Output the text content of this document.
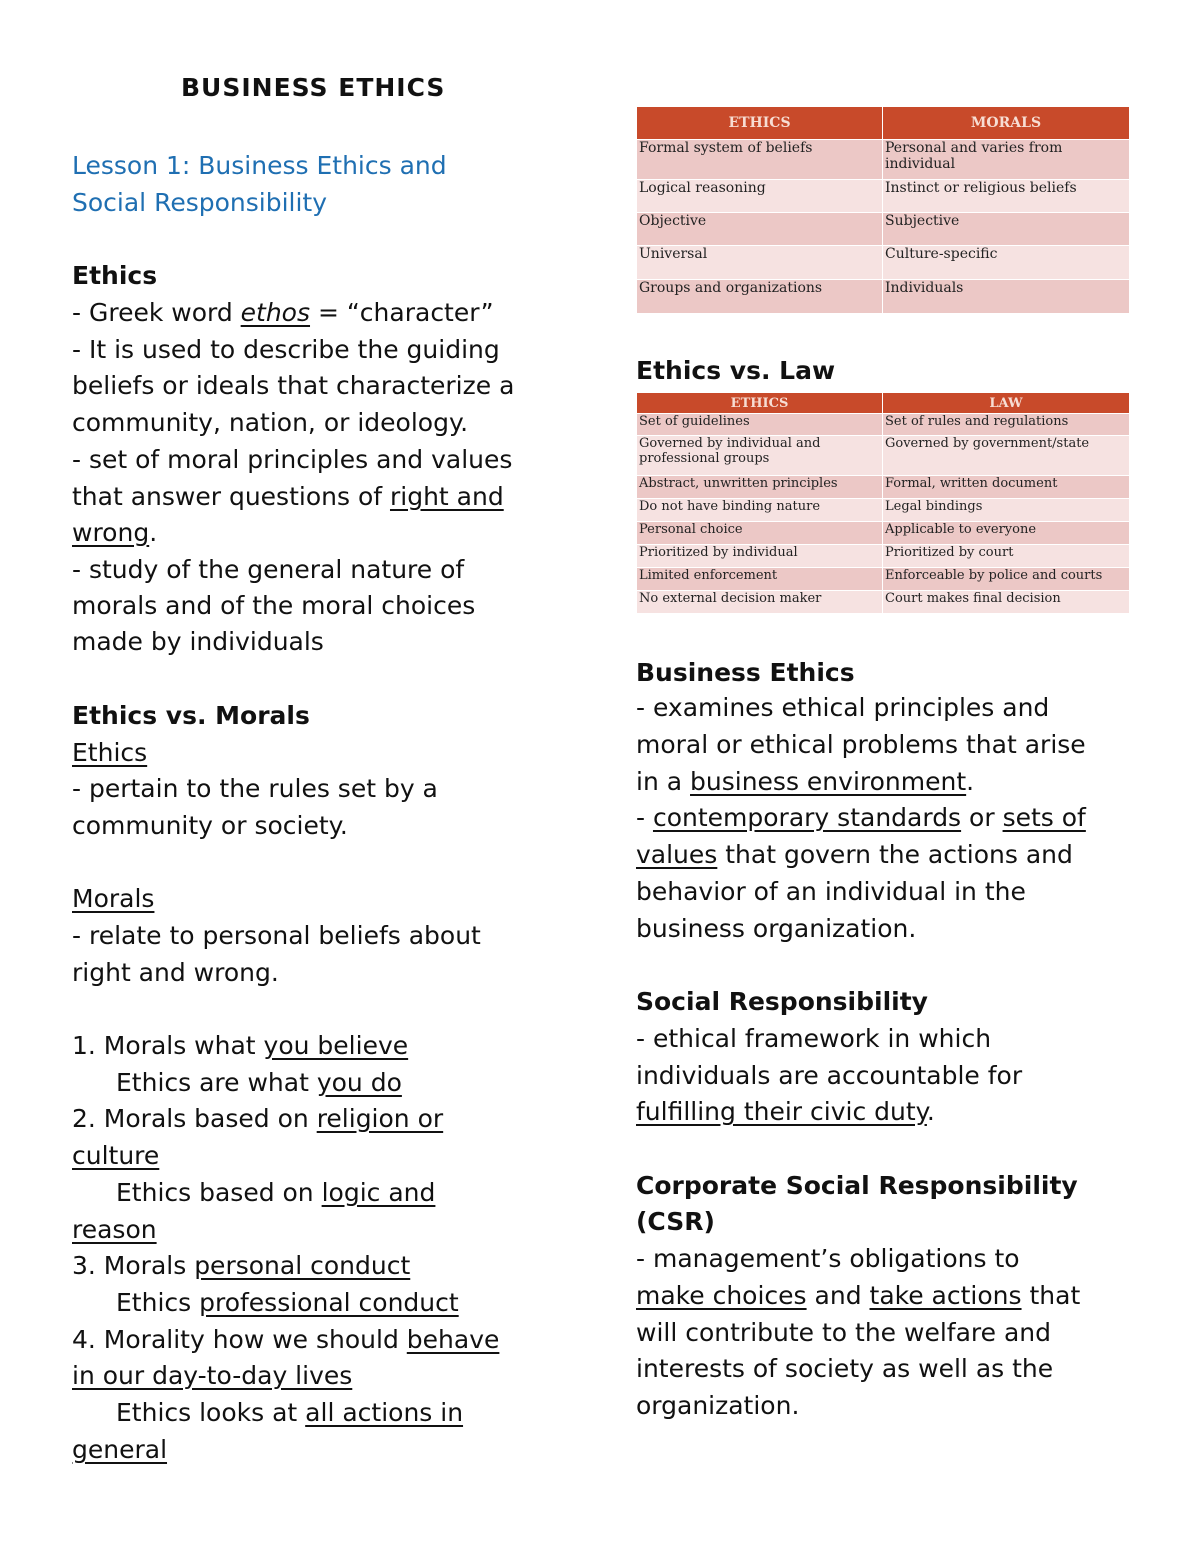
BUSINESS ETHICS
Lesson 1: Business Ethics and
Social Responsibility
Ethics
- Greek word ethos = “character”
- It is used to describe the guiding
beliefs or ideals that characterize a
community, nation, or ideology.
- set of moral principles and values
that answer questions of right and
wrong.
- study of the general nature of
morals and of the moral choices
made by individuals
Ethics vs. Morals
Ethics
- pertain to the rules set by a
community or society.
Morals
- relate to personal beliefs about
right and wrong.
1. Morals what you believe
Ethics are what you do
2. Morals based on religion or
culture
Ethics based on logic and
reason
3. Morals personal conduct
Ethics professional conduct
4. Morality how we should behave
in our day-to-day lives
Ethics looks at all actions in
general
ETHICS	MORALS
Formal system of beliefs	Personal and varies from individual
Logical reasoning	Instinct or religious beliefs
Objective	Subjective
Universal	Culture-specific
Groups and organizations	Individuals
Ethics vs. Law
Business Ethics
- examines ethical principles and
moral or ethical problems that arise
in a business environment.
- contemporary standards or sets of
values that govern the actions and
behavior of an individual in the
business organization.
Social Responsibility
- ethical framework in which
individuals are accountable for
fulfilling their civic duty.
Corporate Social Responsibility
(CSR)
- management’s obligations to
make choices and take actions that
will contribute to the welfare and
interests of society as well as the
organization.
ETHICS	LAW
Set of guidelines	Set of rules and regulations
Governed by individual and professional groups	Governed by government/state
Abstract, unwritten principles	Formal, written document
Do not have binding nature	Legal bindings
Personal choice	Applicable to everyone
Prioritized by individual	Prioritized by court
Limited enforcement	Enforceable by police and courts
No external decision maker	Court makes final decision
